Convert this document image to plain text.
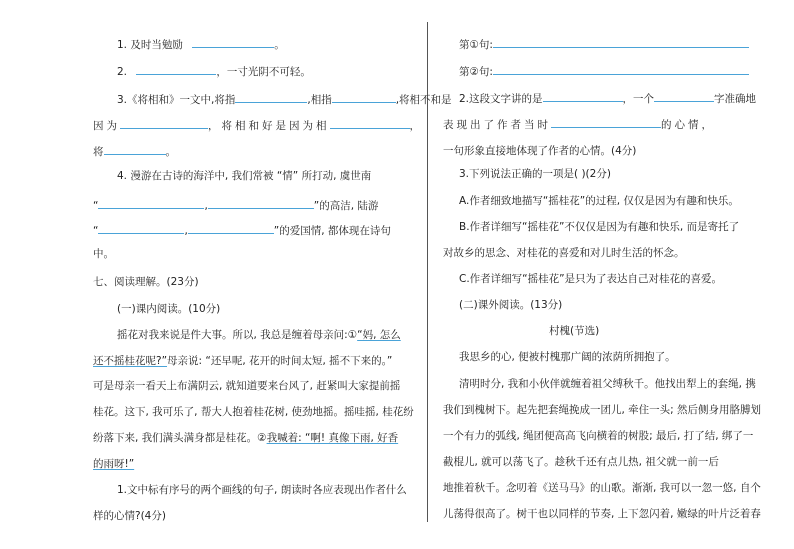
1. 及时当勉励	。
2.	，一寸光阴不可轻。
3.《将相和》一文中,将指	,相指	,将相不和是
因为	，将相和好是因为相	，
将	。
4. 漫游在古诗的海洋中, 我们常被 “情” 所打动, 虞世南
“	,	”的高洁, 陆游
“	,	”的爱国情, 都体现在诗句
中。
七、阅读理解。(23分)
(一)课内阅读。(10分)
摇花对我来说是件大事。所以, 我总是缠着母亲问:①“妈, 怎么
还不摇桂花呢?”母亲说: “还早呢, 花开的时间太短, 摇不下来的。”
可是母亲一看天上布满阴云, 就知道要来台风了, 赶紧叫大家提前摇
桂花。这下, 我可乐了, 帮大人抱着桂花树, 使劲地摇。摇哇摇, 桂花纷
纷落下来, 我们满头满身都是桂花。②我喊着: “啊! 真像下雨, 好香
的雨呀!”
1.文中标有序号的两个画线的句子, 朗读时各应表现出作者什么
样的心情?(4分)
第①句:
第②句:
2.这段文字讲的是	，一个	字准确地
表现出了作者当时	的心情，
一句形象直接地体现了作者的心情。(4分)
3.下列说法正确的一项是( )(2分)
A.作者细致地描写“摇桂花”的过程, 仅仅是因为有趣和快乐。
B.作者详细写“摇桂花”不仅仅是因为有趣和快乐, 而是寄托了
对故乡的思念、对桂花的喜爱和对儿时生活的怀念。
C.作者详细写“摇桂花”是只为了表达自己对桂花的喜爱。
(二)课外阅读。(13分)
村槐(节选)
我思乡的心, 便被村槐那广阔的浓荫所拥抱了。
清明时分, 我和小伙伴就缠着祖父缚秋千。他找出犁上的套绳, 携
我们到槐树下。起先把套绳挽成一团儿, 牵住一头; 然后侧身用胳膊划
一个有力的弧线, 绳团便高高飞向横着的树股; 最后, 打了结, 绑了一
截棍儿, 就可以荡飞了。趁秋千还有点儿热, 祖父就一前一后
地推着秋千。念叨着《送马马》的山歌。渐渐, 我可以一忽一悠, 自个
儿荡得很高了。树干也以同样的节奏, 上下忽闪着, 嫩绿的叶片泛着春
